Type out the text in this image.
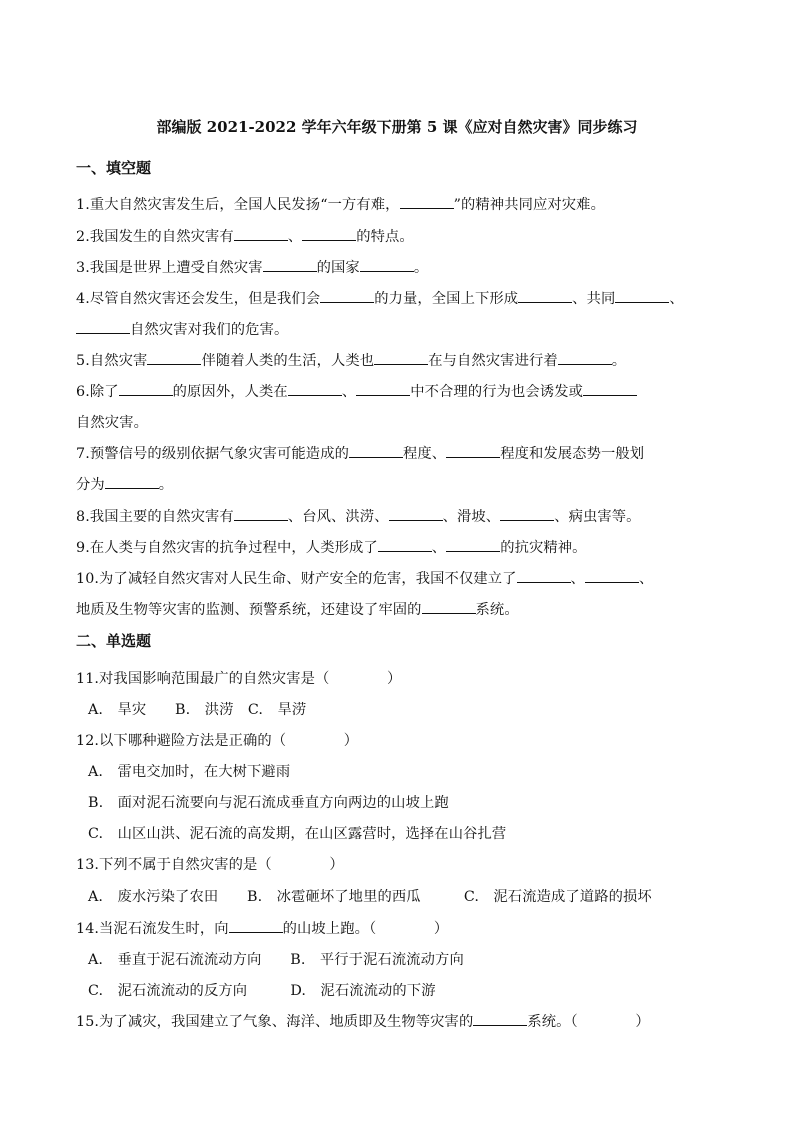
部编版 2021-2022 学年六年级下册第 5 课《应对自然灾害》同步练习
一、填空题
二、单选题
1.重大自然灾害发生后，全国人民发扬“一方有难，	”的精神共同应对灾难。
2.我国发生的自然灾害有	、	的特点。
3.我国是世界上遭受自然灾害	的国家	。
4.尽管自然灾害还会发生，但是我们会	的力量，全国上下形成	、共同	、
自然灾害对我们的危害。
5.自然灾害	伴随着人类的生活，人类也	在与自然灾害进行着	。
6.除了	的原因外，人类在	、	中不合理的行为也会诱发或
自然灾害。
7.预警信号的级别依据气象灾害可能造成的	程度、	程度和发展态势一般划
分为	。
8.我国主要的自然灾害有	、台风、洪涝、	、滑坡、	、病虫害等。
9.在人类与自然灾害的抗争过程中，人类形成了	、	的抗灾精神。
10.为了减轻自然灾害对人民生命、财产安全的危害，我国不仅建立了	、	、
地质及生物等灾害的监测、预警系统，还建设了牢固的	系统。
11.对我国影响范围最广的自然灾害是（　　　　）
A.　旱灾　　B.　洪涝　C.　旱涝
12.以下哪种避险方法是正确的（　　　　）
A.　雷电交加时，在大树下避雨
B.　面对泥石流要向与泥石流成垂直方向两边的山坡上跑
C.　山区山洪、泥石流的高发期，在山区露营时，选择在山谷扎营
13.下列不属于自然灾害的是（　　　　）
A.　废水污染了农田　　B.　冰雹砸坏了地里的西瓜　　　C.　泥石流造成了道路的损坏
14.当泥石流发生时，向	的山坡上跑。（　　　　）
A.　垂直于泥石流流动方向　　B.　平行于泥石流流动方向
C.　泥石流流动的反方向　　　D.　泥石流流动的下游
15.为了减灾，我国建立了气象、海洋、地质即及生物等灾害的	系统。（　　　　）
